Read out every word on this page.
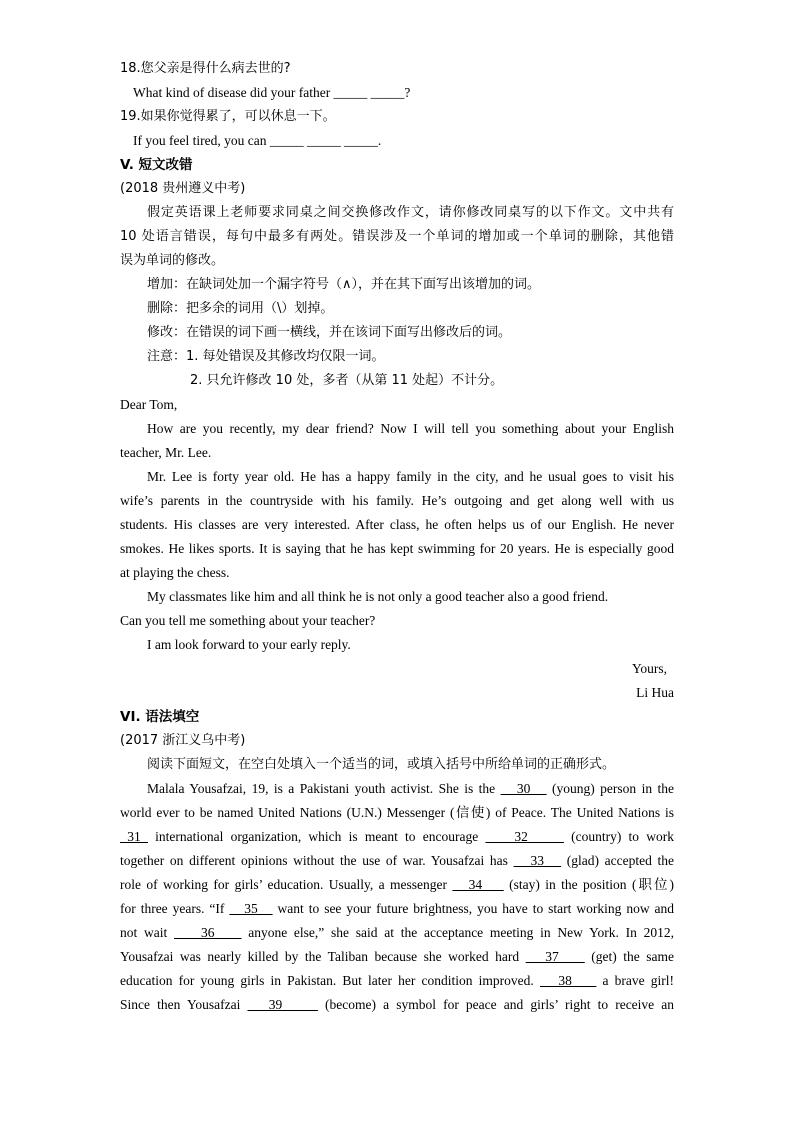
18.您父亲是得什么病去世的?
What kind of disease did your father _____ _____?
19.如果你觉得累了，可以休息一下。
If you feel tired, you can _____ _____ _____.
V. 短文改错
(2018 贵州遵义中考)
假定英语课上老师要求同桌之间交换修改作文，请你修改同桌写的以下作文。文中共有
10 处语言错误，每句中最多有两处。错误涉及一个单词的增加或一个单词的删除，其他错
误为单词的修改。
增加：在缺词处加一个漏字符号（∧），并在其下面写出该增加的词。
删除：把多余的词用（\）划掉。
修改：在错误的词下画一横线，并在该词下面写出修改后的词。
注意：1. 每处错误及其修改均仅限一词。
2. 只允许修改 10 处，多者（从第 11 处起）不计分。
Dear Tom,
How are you recently, my dear friend? Now I will tell you something about your English
teacher, Mr. Lee.
Mr. Lee is forty year old. He has a happy family in the city, and he usual goes to visit his
wife’s parents in the countryside with his family. He’s outgoing and get along well with us
students. His classes are very interested. After class, he often helps us of our English. He never
smokes. He likes sports. It is saying that he has kept swimming for 20 years. He is especially good
at playing the chess.
My classmates like him and all think he is not only a good teacher also a good friend.
Can you tell me something about your teacher?
I am look forward to your early reply.
Yours,
Li Hua
VI. 语法填空
(2017 浙江义乌中考)
阅读下面短文，在空白处填入一个适当的词，或填入括号中所给单词的正确形式。
Malala Yousafzai, 19, is a Pakistani youth activist. She is the    30    (young) person in the
world ever to be named United Nations (U.N.) Messenger (信使) of Peace. The United Nations is
31  international organization, which is meant to encourage     32      (country) to work
together on different opinions without the use of war. Yousafzai has    33    (glad) accepted the
role of working for girls’ education. Usually, a messenger    34     (stay) in the position (职位)
for three years. “If    35    want to see your future brightness, you have to start working now and
not wait     36     anyone else,” she said at the acceptance meeting in New York. In 2012,
Yousafzai was nearly killed by the Taliban because she worked hard    37     (get) the same
education for young girls in Pakistan. But later her condition improved.    38     a brave girl!
Since then Yousafzai    39      (become) a symbol for peace and girls’ right to receive an
